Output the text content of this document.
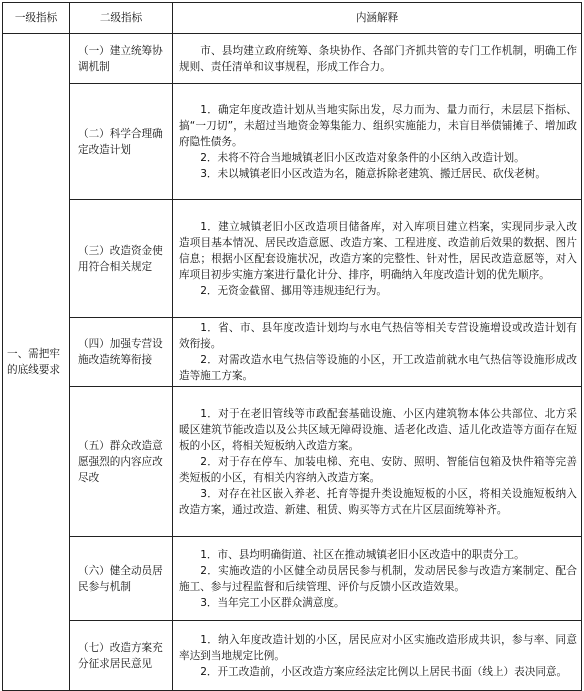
一级指标	二级指标	内涵解释

一、需把牢的底线要求	（一）建立统筹协调机制	市、县均建立政府统筹、条块协作、各部门齐抓共管的专门工作机制，明确工作规则、责任清单和议事规程，形成工作合力。

	（二）科学合理确定改造计划	1．确定年度改造计划从当地实际出发，尽力而为、量力而行，未层层下指标、搞“一刀切”，未超过当地资金筹集能力、组织实施能力，未盲目举债铺摊子、增加政府隐性债务。

2．未将不符合当地城镇老旧小区改造对象条件的小区纳入改造计划。

3．未以城镇老旧小区改造为名，随意拆除老建筑、搬迁居民、砍伐老树。

	（三）改造资金使用符合相关规定	1．建立城镇老旧小区改造项目储备库，对入库项目建立档案，实现同步录入改造项目基本情况、居民改造意愿、改造方案、工程进度、改造前后效果的数据、图片信息；根据小区配套设施状况，改造方案的完整性、针对性，居民改造意愿等，对入库项目初步实施方案进行量化计分、排序，明确纳入年度改造计划的优先顺序。

2．无资金截留、挪用等违规违纪行为。

	（四）加强专营设施改造统筹衔接	1．省、市、县年度改造计划均与水电气热信等相关专营设施增设或改造计划有效衔接。

2．对需改造水电气热信等设施的小区，开工改造前就水电气热信等设施形成改造等施工方案。

	（五）群众改造意愿强烈的内容应改尽改	1．对于在老旧管线等市政配套基础设施、小区内建筑物本体公共部位、北方采暖区建筑节能改造以及公共区域无障碍设施、适老化改造、适儿化改造等方面存在短板的小区，将相关短板纳入改造方案。

2．对于存在停车、加装电梯、充电、安防、照明、智能信包箱及快件箱等完善类短板的小区，有相关内容纳入改造方案。

3．对存在社区嵌入养老、托育等提升类设施短板的小区，将相关设施短板纳入改造方案，通过改造、新建、租赁、购买等方式在片区层面统筹补齐。

	（六）健全动员居民参与机制	1．市、县均明确街道、社区在推动城镇老旧小区改造中的职责分工。

2．实施改造的小区健全动员居民参与机制，发动居民参与改造方案制定、配合施工、参与过程监督和后续管理、评价与反馈小区改造效果。

3．当年完工小区群众满意度。

	（七）改造方案充分征求居民意见	1．纳入年度改造计划的小区，居民应对小区实施改造形成共识，参与率、同意率达到当地规定比例。

2．开工改造前，小区改造方案应经法定比例以上居民书面（线上）表决同意。
